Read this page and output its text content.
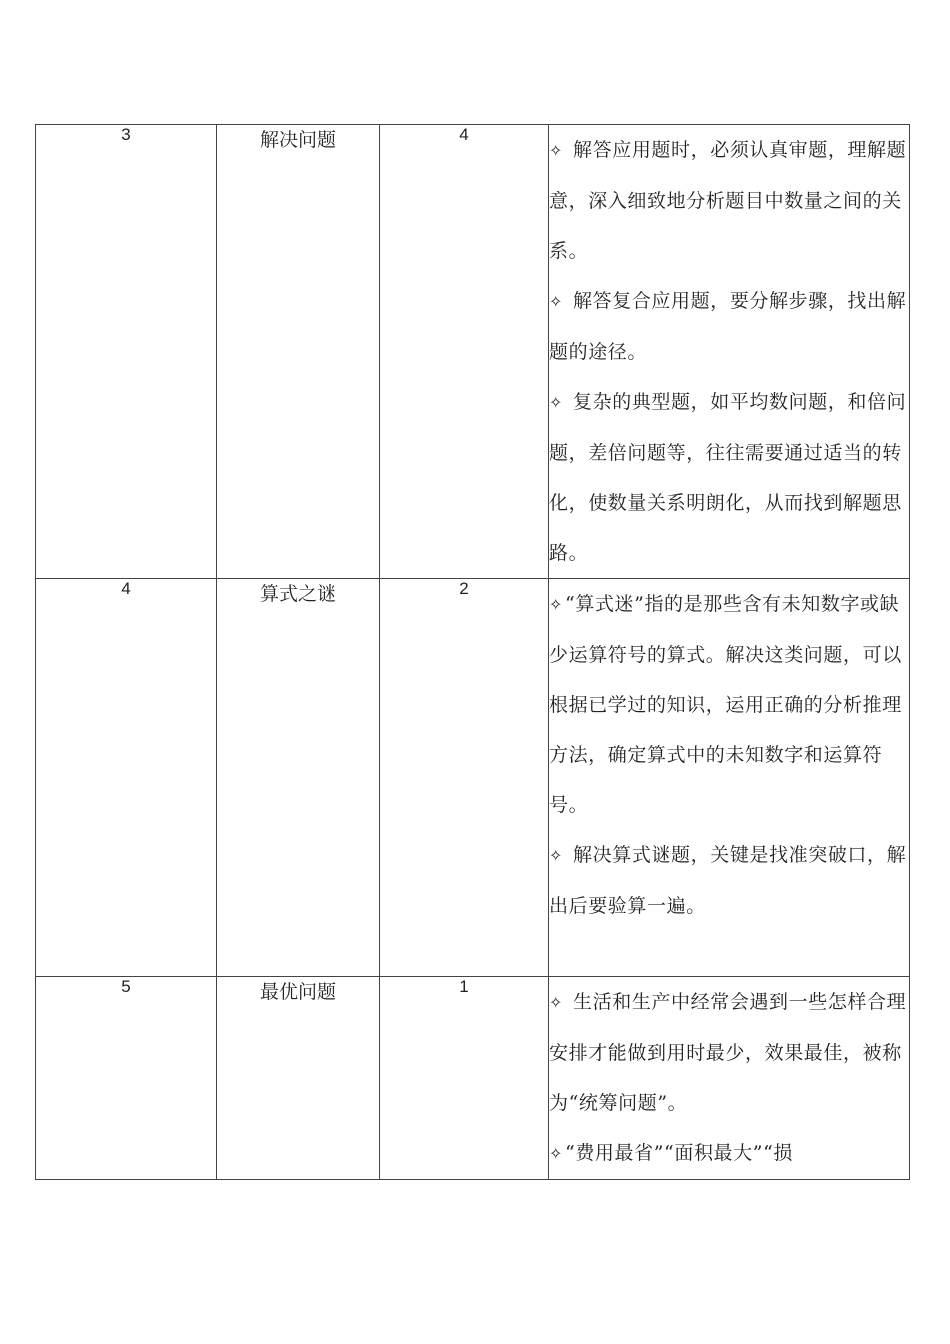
3	解决问题	4	✧ 解答应用题时，必须认真审题，理解题意，深入细致地分析题目中数量之间的关系。
✧ 解答复合应用题，要分解步骤，找出解题的途径。
✧ 复杂的典型题，如平均数问题，和倍问题，差倍问题等，往往需要通过适当的转化，使数量关系明朗化，从而找到解题思路。

4	算式之谜	2	✧ “算式迷”指的是那些含有未知数字或缺少运算符号的算式。解决这类问题，可以根据已学过的知识，运用正确的分析推理方法，确定算式中的未知数字和运算符号。
✧ 解决算式谜题，关键是找准突破口，解出后要验算一遍。

5	最优问题	1	✧ 生活和生产中经常会遇到一些怎样合理安排才能做到用时最少，效果最佳，被称为“统筹问题”。
✧ “费用最省”“面积最大”“损
